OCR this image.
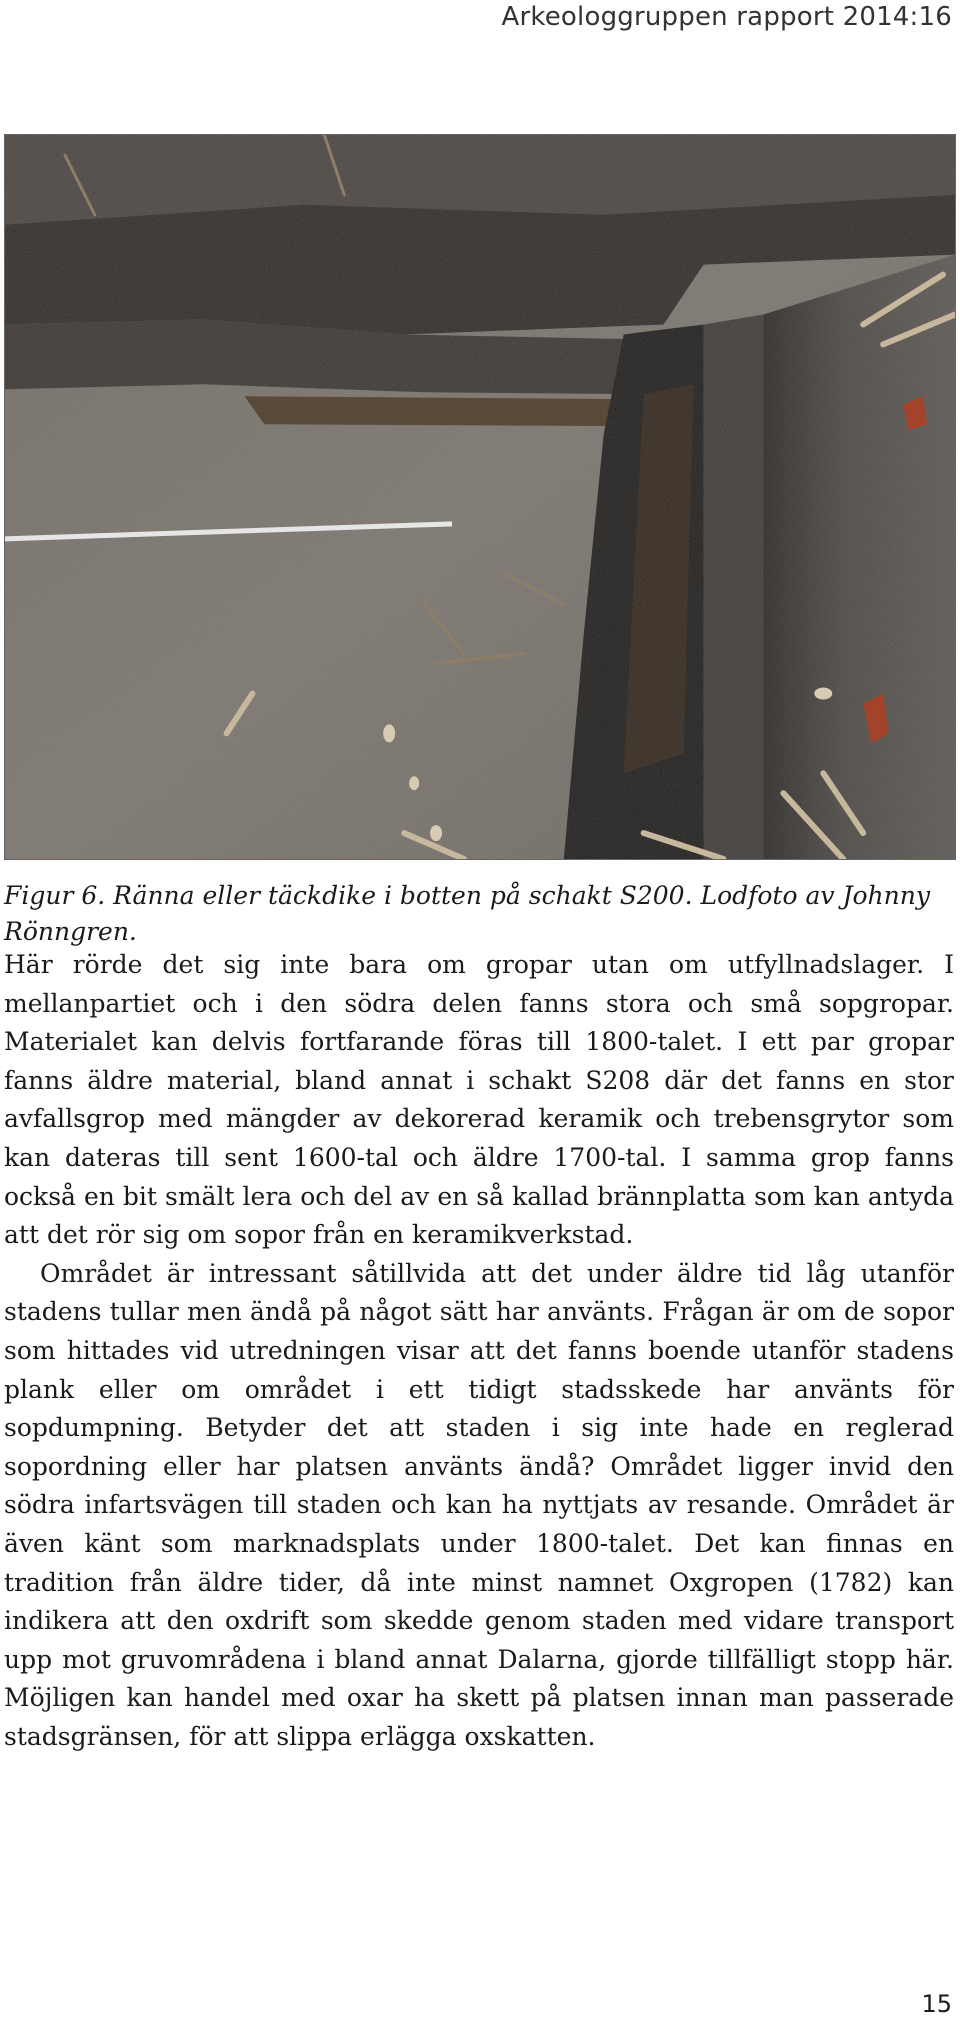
Arkeologgruppen rapport 2014:16
Figur 6. Ränna eller täckdike i botten på schakt S200. Lodfoto av Johnny Rönngren.

Här rörde det sig inte bara om gropar utan om utfyllnadslager. I mellanpartiet och i den södra delen fanns stora och små sopgropar. Materialet kan delvis fortfarande föras till 1800-talet. I ett par gropar fanns äldre material, bland annat i schakt S208 där det fanns en stor avfallsgrop med mängder av dekorerad keramik och trebensgrytor som kan dateras till sent 1600-tal och äldre 1700-tal. I samma grop fanns också en bit smält lera och del av en så kallad brännplatta som kan antyda att det rör sig om sopor från en keramikverkstad.

Området är intressant såtillvida att det under äldre tid låg utanför stadens tullar men ändå på något sätt har använts. Frågan är om de sopor som hittades vid utredningen visar att det fanns boende utanför stadens plank eller om området i ett tidigt stadsskede har använts för sopdumpning. Betyder det att staden i sig inte hade en reglerad sopordning eller har platsen använts ändå? Området ligger invid den södra infartsvägen till staden och kan ha nyttjats av resande. Området är även känt som marknadsplats under 1800-talet. Det kan finnas en tradition från äldre tider, då inte minst namnet Oxgropen (1782) kan indikera att den oxdrift som skedde genom staden med vidare transport upp mot gruvområdena i bland annat Dalarna, gjorde tillfälligt stopp här. Möjligen kan handel med oxar ha skett på platsen innan man passerade stadsgränsen, för att slippa erlägga oxskatten.

15
